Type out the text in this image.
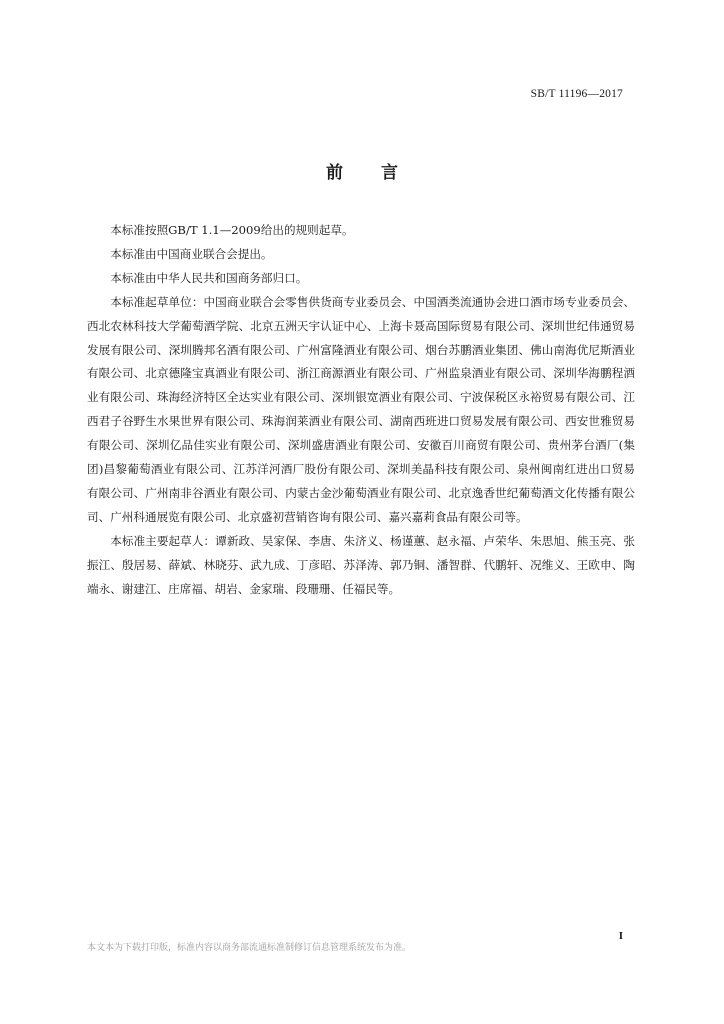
SB/T 11196—2017
前 言

本标准按照GB/T 1.1—2009给出的规则起草。

本标准由中国商业联合会提出。

本标准由中华人民共和国商务部归口。

本标准起草单位：中国商业联合会零售供货商专业委员会、中国酒类流通协会进口酒市场专业委员会、西北农林科技大学葡萄酒学院、北京五洲天宇认证中心、上海卡聂高国际贸易有限公司、深圳世纪伟通贸易发展有限公司、深圳腾邦名酒有限公司、广州富隆酒业有限公司、烟台苏鹏酒业集团、佛山南海优尼斯酒业有限公司、北京德隆宝真酒业有限公司、浙江商源酒业有限公司、广州监泉酒业有限公司、深圳华海鹏程酒业有限公司、珠海经济特区全达实业有限公司、深圳银宽酒业有限公司、宁波保税区永裕贸易有限公司、江西君子谷野生水果世界有限公司、珠海润莱酒业有限公司、湖南西班进口贸易发展有限公司、西安世雅贸易有限公司、深圳亿品佳实业有限公司、深圳盛唐酒业有限公司、安徽百川商贸有限公司、贵州茅台酒厂(集团)昌黎葡萄酒业有限公司、江苏洋河酒厂股份有限公司、深圳美晶科技有限公司、泉州闽南红进出口贸易有限公司、广州南非谷酒业有限公司、内蒙古金沙葡萄酒业有限公司、北京逸香世纪葡萄酒文化传播有限公司、广州科通展览有限公司、北京盛初营销咨询有限公司、嘉兴嘉莉食品有限公司等。

本标准主要起草人：谭新政、吴家保、李唐、朱济义、杨谨蕙、赵永福、卢荣华、朱思旭、熊玉亮、张振江、殷居易、薛斌、林晓芬、武九成、丁彦昭、苏泽涛、郭乃铜、潘智群、代鹏轩、况维义、王欧申、陶端永、谢建江、庄席福、胡岩、金家瑞、段珊珊、任福民等。

I
本文本为下载打印版，标准内容以商务部流通标准制修订信息管理系统发布为准。
